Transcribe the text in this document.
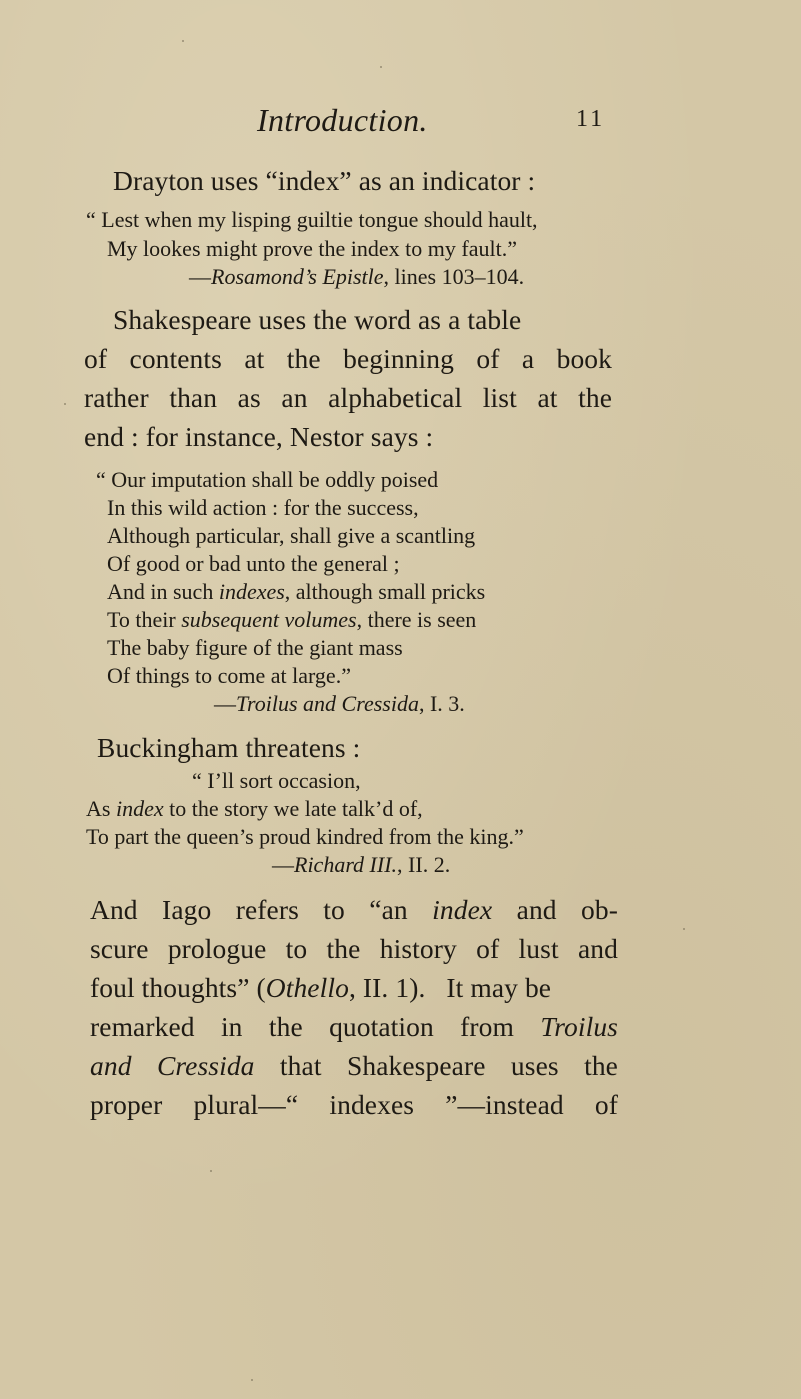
Introduction.	11
Drayton uses “index” as an indicator :
“ Lest when my lisping guiltie tongue should hault,
My lookes might prove the index to my fault.”
—Rosamond’s Epistle, lines 103–104.
Shakespeare uses the word as a table
of contents at the beginning of a book
rather than as an alphabetical list at the
end : for instance, Nestor says :
“ Our imputation shall be oddly poised
In this wild action : for the success,
Although particular, shall give a scantling
Of good or bad unto the general ;
And in such indexes, although small pricks
To their subsequent volumes, there is seen
The baby figure of the giant mass
Of things to come at large.”
—Troilus and Cressida, I. 3.
Buckingham threatens :
“ I’ll sort occasion,
As index to the story we late talk’d of,
To part the queen’s proud kindred from the king.”
—Richard III., II. 2.
And Iago refers to “an index and ob-
scure prologue to the history of lust and
foul thoughts” (Othello, II. 1).   It may be
remarked in the quotation from Troilus
and Cressida that Shakespeare uses the
proper plural—“ indexes ”—instead of
